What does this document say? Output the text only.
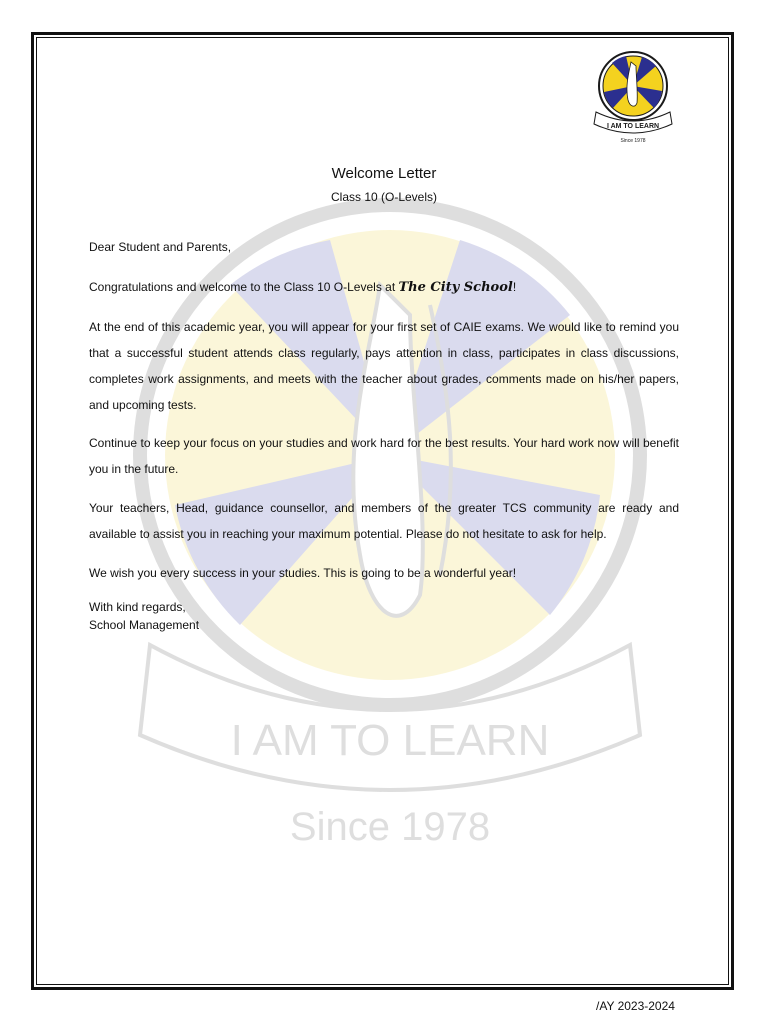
I AM TO LEARN
Since 1978
I AM TO LEARN
Since 1978
Welcome Letter
Class 10 (O-Levels)
Dear Student and Parents,
Congratulations and welcome to the Class 10 O-Levels at The City School!
At the end of this academic year, you will appear for your first set of CAIE exams. We would like to remind you that a successful student attends class regularly, pays attention in class, participates in class discussions, completes work assignments, and meets with the teacher about grades, comments made on his/her papers, and upcoming tests.
Continue to keep your focus on your studies and work hard for the best results. Your hard work now will benefit you in the future.
Your teachers, Head, guidance counsellor, and members of the greater TCS community are ready and available to assist you in reaching your maximum potential. Please do not hesitate to ask for help.
We wish you every success in your studies. This is going to be a wonderful year!
With kind regards,
School Management
/AY 2023-2024
